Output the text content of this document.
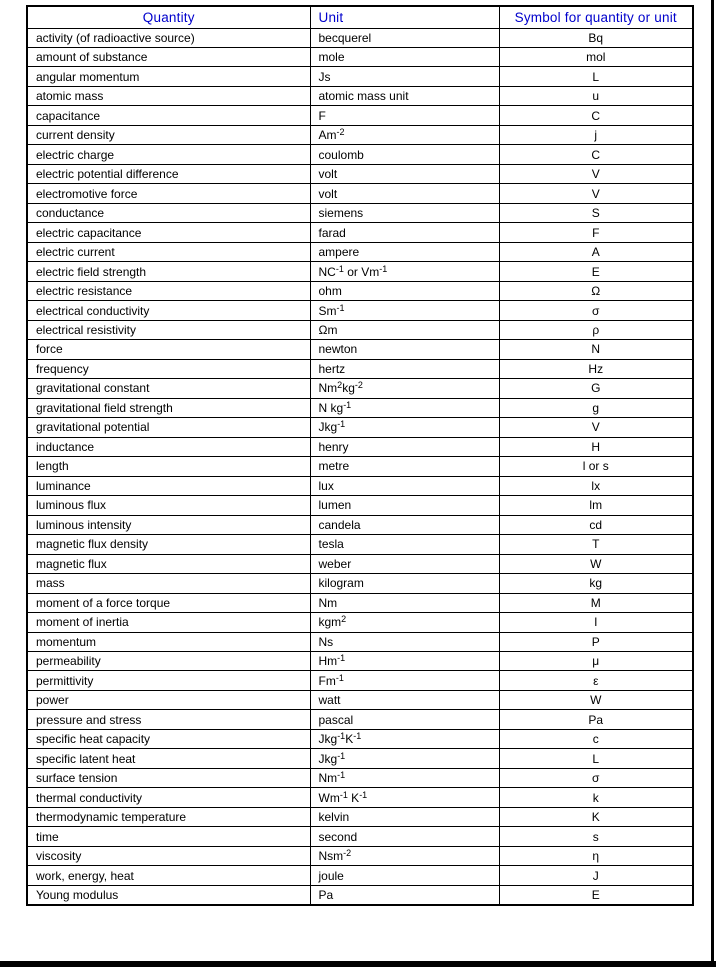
Quantity	Unit	Symbol for quantity or unit
activity (of radioactive source)	becquerel	Bq
amount of substance	mole	mol
angular momentum	Js	L
atomic mass	atomic mass unit	u
capacitance	F	C
current density	$Am^{-2}$	j
electric charge	coulomb	C
electric potential difference	volt	V
electromotive force	volt	V
conductance	siemens	S
electric capacitance	farad	F
electric current	ampere	A
electric field strength	$NC^{-1}$ or $Vm^{-1}$	E
electric resistance	ohm	Ω
electrical conductivity	$Sm^{-1}$	σ
electrical resistivity	Ωm	ρ
force	newton	N
frequency	hertz	Hz
gravitational constant	$Nm^2kg^{-2}$	G
gravitational field strength	N $kg^{-1}$	g
gravitational potential	Jkg$^{-1}$	V
inductance	henry	H
length	metre	l or s
luminance	lux	lx
luminous flux	lumen	lm
luminous intensity	candela	cd
magnetic flux density	tesla	T
magnetic flux	weber	W
mass	kilogram	kg
moment of a force torque	Nm	M
moment of inertia	kgm$^2$	I
momentum	Ns	P
permeability	$Hm^{-1}$	μ
permittivity	$Fm^{-1}$	ε
power	watt	W
pressure and stress	pascal	Pa
specific heat capacity	$Jkg^{-1}K^{-1}$	c
specific latent heat	Jkg$^{-1}$	L
surface tension	$Nm^{-1}$	σ
thermal conductivity	$Wm^{-1}$ $K^{-1}$	k
thermodynamic temperature	kelvin	K
time	second	s
viscosity	Nsm$^{-2}$	η
work, energy, heat	joule	J
Young modulus	Pa	E
